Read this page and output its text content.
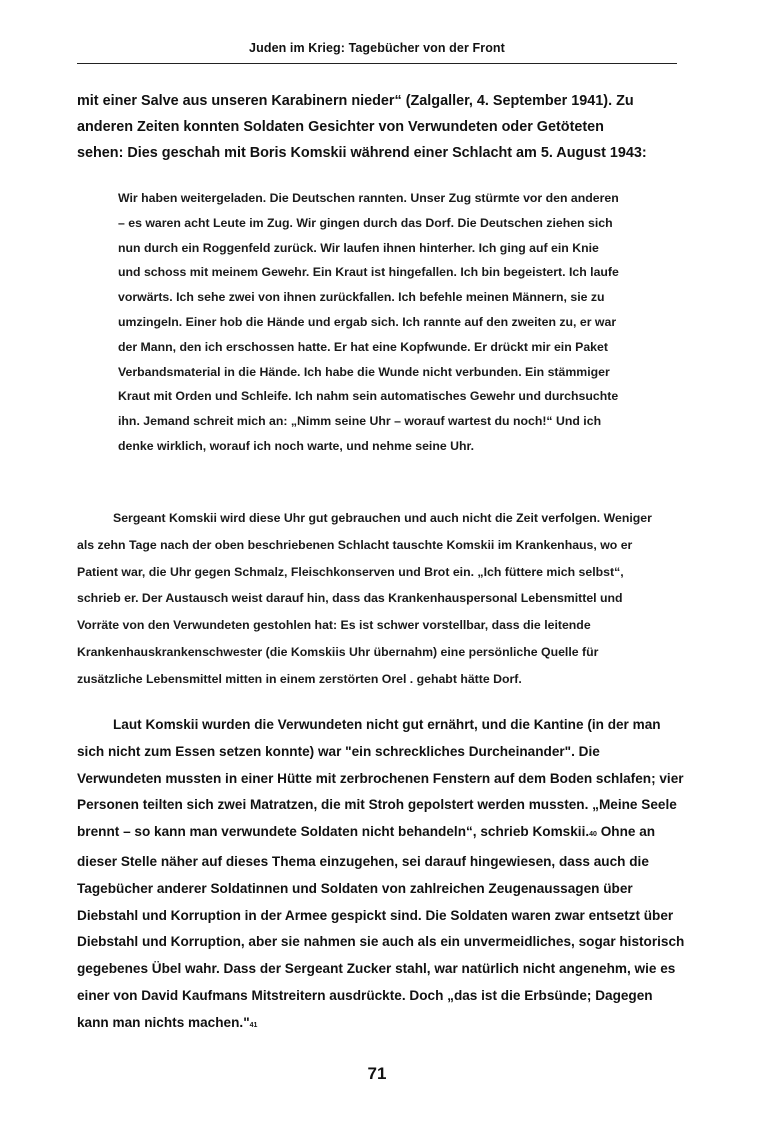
Juden im Krieg: Tagebücher von der Front
mit einer Salve aus unseren Karabinern nieder“ (Zalgaller, 4. September 1941). Zu
anderen Zeiten konnten Soldaten Gesichter von Verwundeten oder Getöteten
sehen: Dies geschah mit Boris Komskii während einer Schlacht am 5. August 1943:
Wir haben weitergeladen. Die Deutschen rannten. Unser Zug stürmte vor den anderen
– es waren acht Leute im Zug. Wir gingen durch das Dorf. Die Deutschen ziehen sich
nun durch ein Roggenfeld zurück. Wir laufen ihnen hinterher. Ich ging auf ein Knie
und schoss mit meinem Gewehr. Ein Kraut ist hingefallen. Ich bin begeistert. Ich laufe
vorwärts. Ich sehe zwei von ihnen zurückfallen. Ich befehle meinen Männern, sie zu
umzingeln. Einer hob die Hände und ergab sich. Ich rannte auf den zweiten zu, er war
der Mann, den ich erschossen hatte. Er hat eine Kopfwunde. Er drückt mir ein Paket
Verbandsmaterial in die Hände. Ich habe die Wunde nicht verbunden. Ein stämmiger
Kraut mit Orden und Schleife. Ich nahm sein automatisches Gewehr und durchsuchte
ihn. Jemand schreit mich an: „Nimm seine Uhr – worauf wartest du noch!“ Und ich
denke wirklich, worauf ich noch warte, und nehme seine Uhr.
Sergeant Komskii wird diese Uhr gut gebrauchen und auch nicht die Zeit verfolgen. Weniger
als zehn Tage nach der oben beschriebenen Schlacht tauschte Komskii im Krankenhaus, wo er
Patient war, die Uhr gegen Schmalz, Fleischkonserven und Brot ein. „Ich füttere mich selbst“,
schrieb er. Der Austausch weist darauf hin, dass das Krankenhauspersonal Lebensmittel und
Vorräte von den Verwundeten gestohlen hat: Es ist schwer vorstellbar, dass die leitende
Krankenhauskrankenschwester (die Komskiis Uhr übernahm) eine persönliche Quelle für
zusätzliche Lebensmittel mitten in einem zerstörten Orel . gehabt hätte Dorf.
Laut Komskii wurden die Verwundeten nicht gut ernährt, und die Kantine (in der man
sich nicht zum Essen setzen konnte) war "ein schreckliches Durcheinander". Die
Verwundeten mussten in einer Hütte mit zerbrochenen Fenstern auf dem Boden schlafen; vier
Personen teilten sich zwei Matratzen, die mit Stroh gepolstert werden mussten. „Meine Seele
brennt – so kann man verwundete Soldaten nicht behandeln“, schrieb Komskii.40 Ohne an
dieser Stelle näher auf dieses Thema einzugehen, sei darauf hingewiesen, dass auch die
Tagebücher anderer Soldatinnen und Soldaten von zahlreichen Zeugenaussagen über
Diebstahl und Korruption in der Armee gespickt sind. Die Soldaten waren zwar entsetzt über
Diebstahl und Korruption, aber sie nahmen sie auch als ein unvermeidliches, sogar historisch
gegebenes Übel wahr. Dass der Sergeant Zucker stahl, war natürlich nicht angenehm, wie es
einer von David Kaufmans Mitstreitern ausdrückte. Doch „das ist die Erbsünde; Dagegen
kann man nichts machen."41
71
